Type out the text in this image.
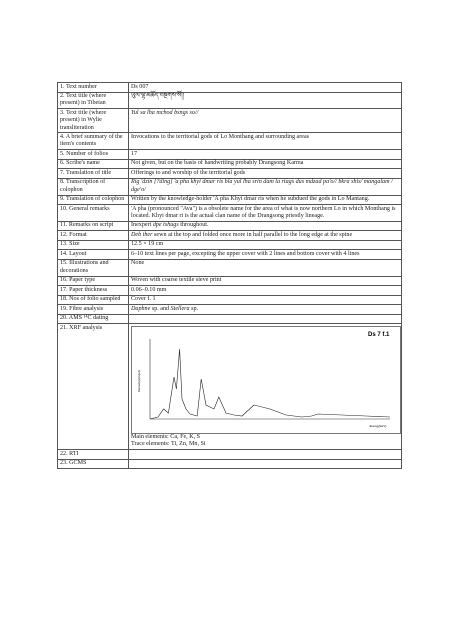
1. Text number	Ds 007
2. Text title (where present) in Tibetan	ཡུལ་ལྷ་མཆོད་བསྔགས་སོ།།
3. Text title (where present) in Wylie transliteration	Yul sa lha mchod bsngs so//
4. A brief summary of the item's contents	Invocations to the territorial gods of Lo Monthang and surrounding areas
5. Number of folios	17
6. Scribe's name	Not given, but on the basis of handwriting probably Drangsong Karma
7. Translation of title	Offerings to and worship of the territorial gods
8. Transcription of colophon	Rig 'dzin [?ding] 'a pha khyi dmar ris bla yul lha srin dam la rtags dus mdzad pa'o// bkra shis/ mangalam / dge'o/
9. Translation of colophon	Written by the knowledge-holder 'A pha Khyi dmar ris when he subdued the gods in Lo Mantang.
10. General remarks	'A pha (pronounced "Ava") is a obsolete name for the area of what is now northern Lo in which Monthang is located. Khyi dmar ri is the actual clan name of the Drangsong priestly lineage.
11. Remarks on script	Inexpert dpe tshugs throughout.
12. Format	Deb ther sewn at the top and folded once more in half parallel to the long edge at the spine
13. Size	12.5 × 19 cm
14. Layout	6–10 text lines per page, excepting the upper cover with 2 lines and bottom cover with 4 lines
15. Illustrations and decorations	None
16. Paper type	Woven with coarse textile sieve print
17. Paper thickness	0.06–0.10 mm
18. Nos of folio sampled	Cover f. 1
19. Fibre analysis	Daphne sp. and Stellera sp.
20. AMS ¹⁴C dating	
21. XRF analysis	Ds 7 f.1
Intensity(cps/μA)
Energy(keV)

Main elements: Ca, Fe, K, S

Trace elements: Ti, Zn, Mn, Si

22. RTI	
23. GCMS	
